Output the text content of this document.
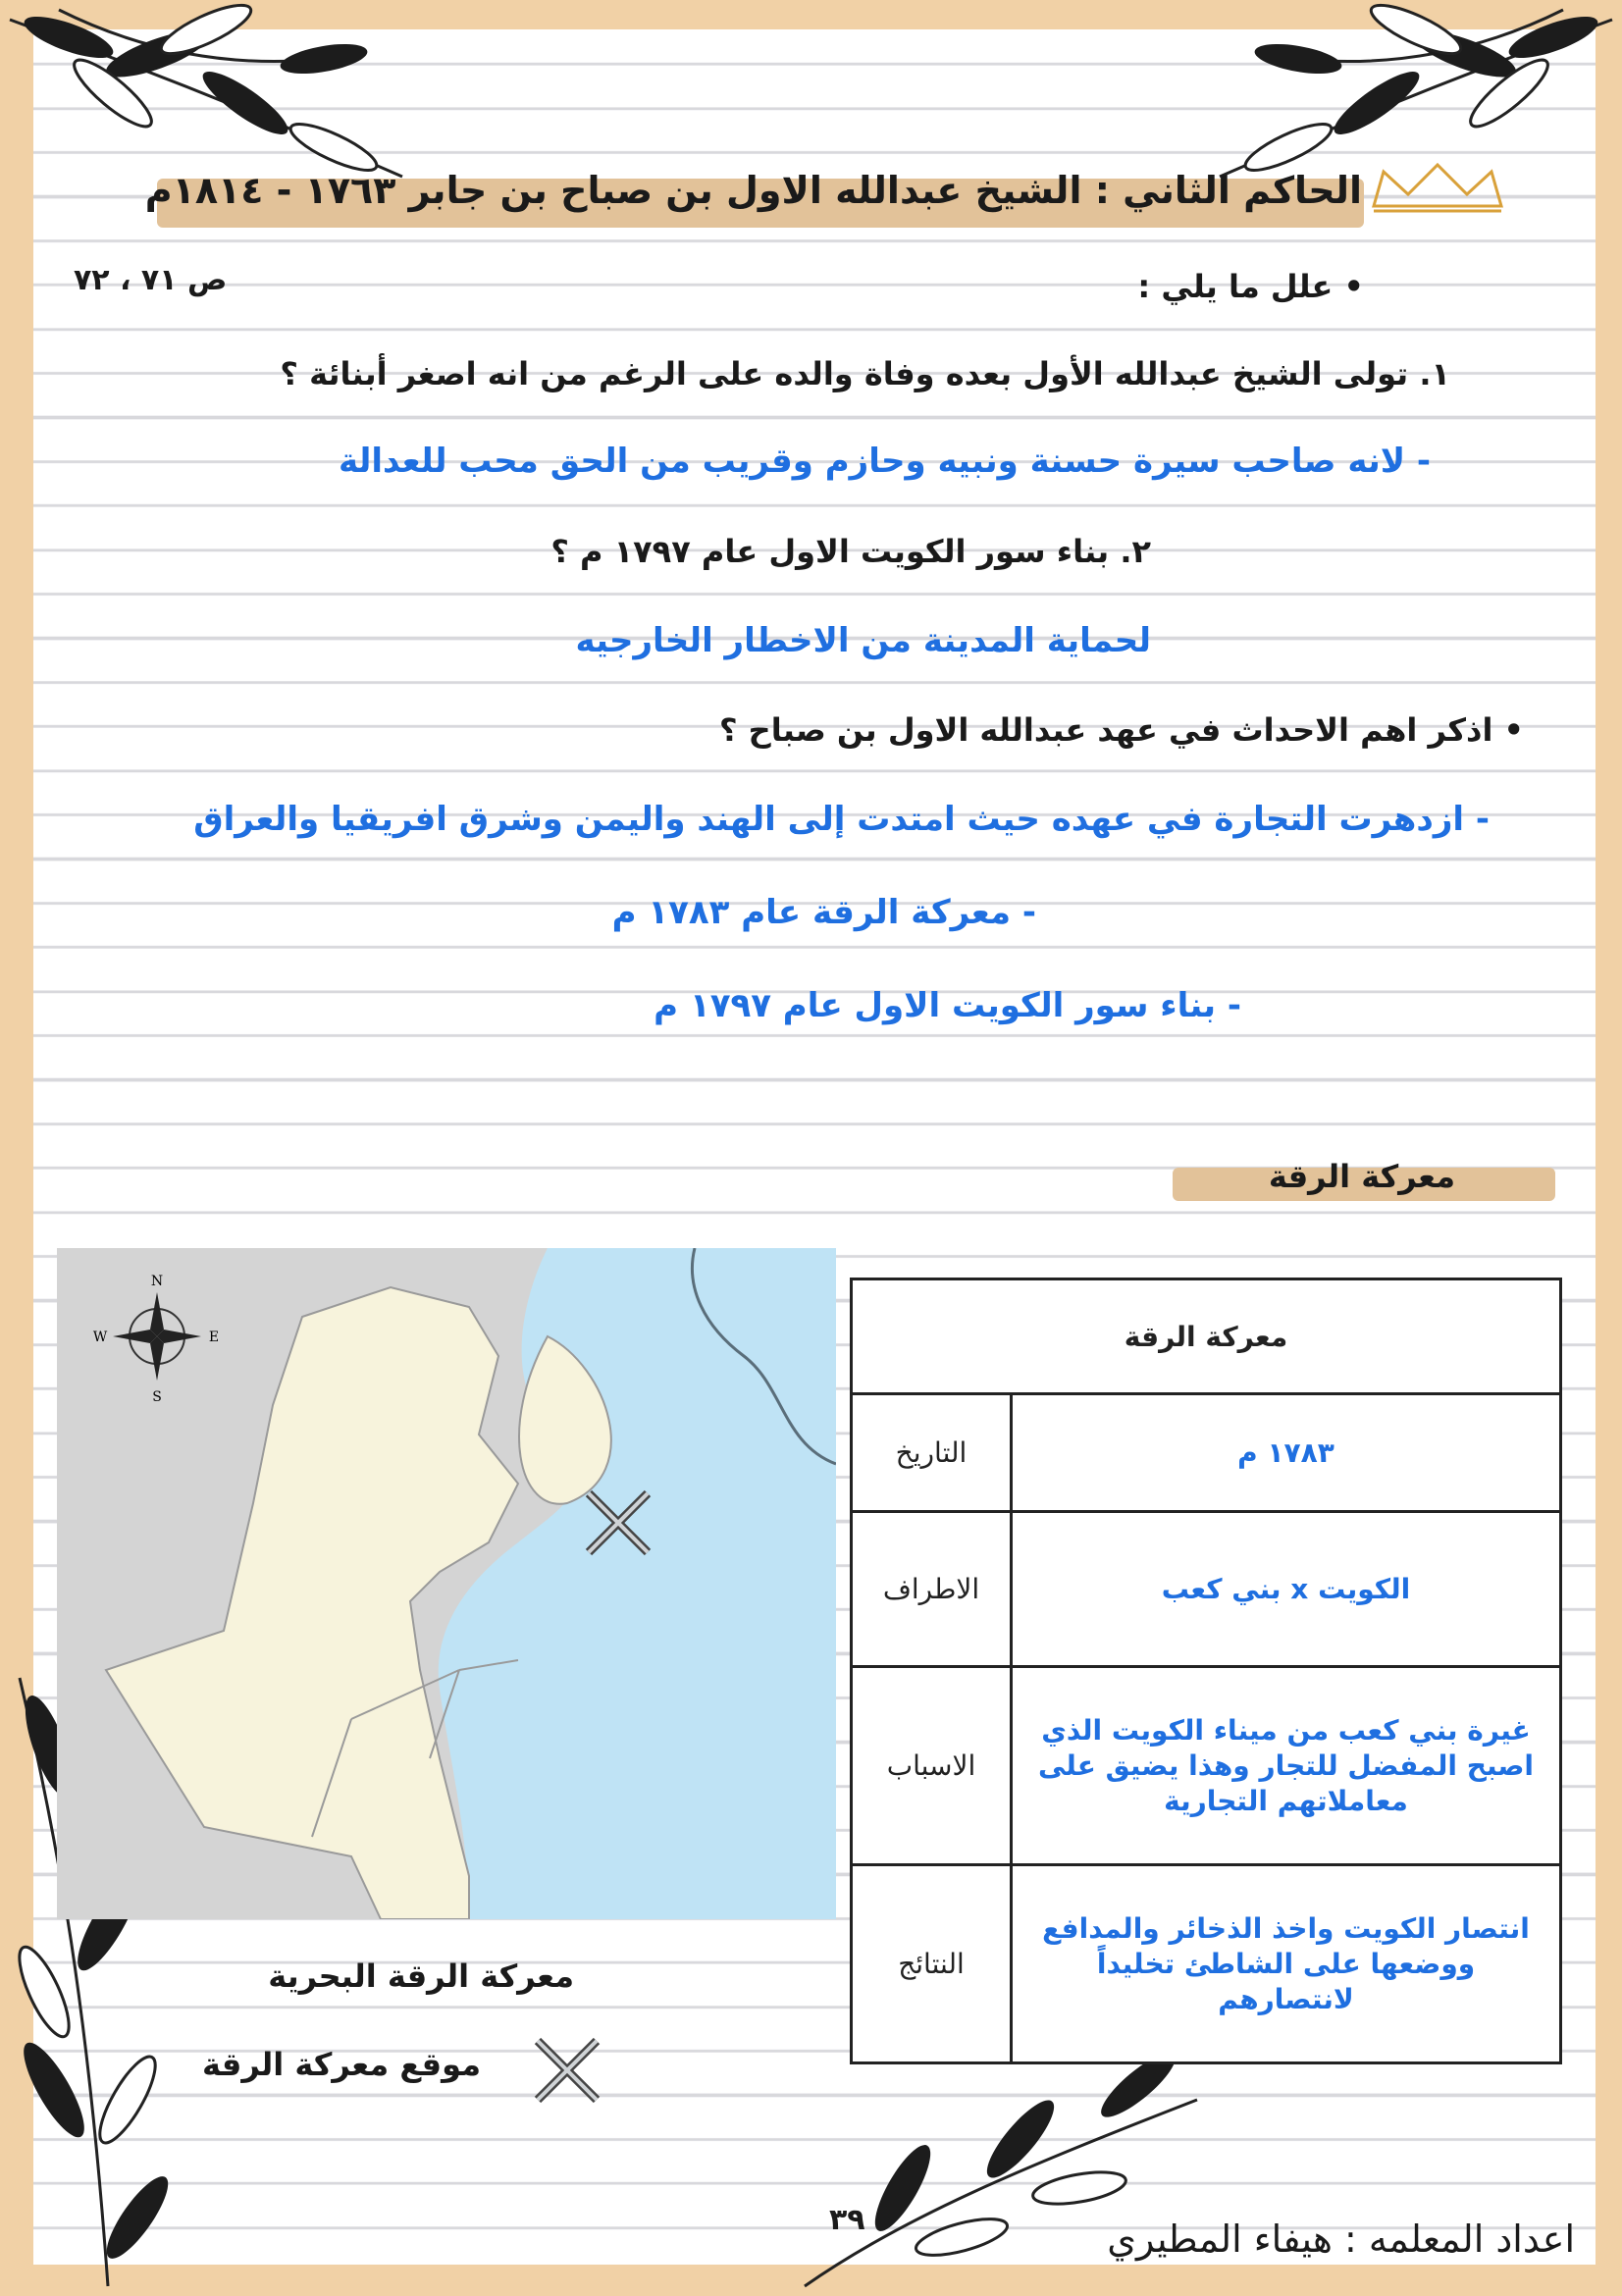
الحاكم الثاني : الشيخ عبدالله الاول بن صباح بن جابر ١٧٦٣ - ١٨١٤م
ص ٧١ ، ٧٢	• علل ما يلي :
١. تولى الشيخ عبدالله الأول بعده وفاة والده على الرغم من انه اصغر أبنائة ؟
- لانه صاحب سيرة حسنة ونبيه وحازم وقريب من الحق محب للعدالة
٢. بناء سور الكويت الاول عام ١٧٩٧ م ؟
لحماية المدينة من الاخطار الخارجيه
• اذكر اهم الاحداث في عهد عبدالله الاول بن صباح ؟
- ازدهرت التجارة في عهده حيث امتدت إلى الهند واليمن وشرق افريقيا والعراق
- معركة الرقة عام ١٧٨٣ م
- بناء سور الكويت الاول عام ١٧٩٧ م
معركة الرقة
N
S
E
W	معركة الرقة	
التاريخ	١٧٨٣ م
الاطراف	الكويت x بني كعب
الاسباب	غيرة بني كعب من ميناء الكويت الذي اصبح المفضل للتجار وهذا يضيق على معاملاتهم التجارية
النتائج	انتصار الكويت واخذ الذخائر والمدافع ووضعها على الشاطئ تخليداً لانتصارهم
معركة الرقة البحرية
موقع معركة الرقة
٣٩	اعداد المعلمه : هيفاء المطيري
